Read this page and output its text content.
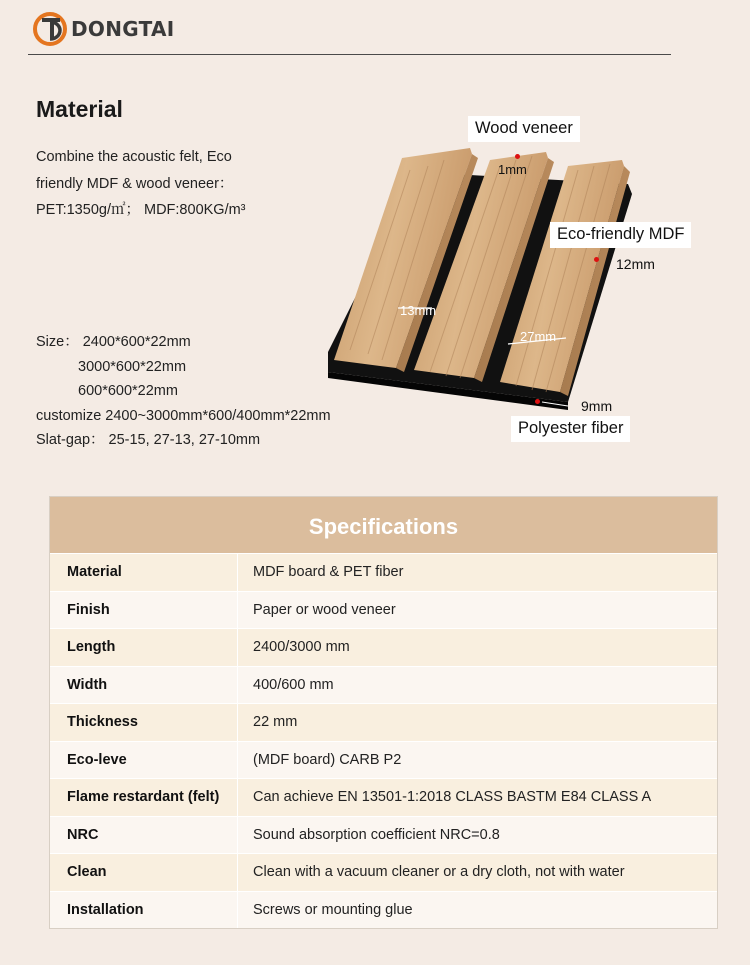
DONGTAI
Material
Combine the acoustic felt, Eco
friendly MDF & wood veneer：
PET:1350g/㎡； MDF:800KG/m³
Size： 2400*600*22mm
3000*600*22mm
600*600*22mm
customize 2400~3000mm*600/400mm*22mm
Slat-gap： 25-15, 27-13, 27-10mm
Wood veneer
1mm
Eco-friendly MDF
12mm
13mm
27mm
9mm
Polyester fiber
Specifications
Material	MDF board & PET fiber
Finish	Paper or wood veneer
Length	2400/3000 mm
Width	400/600 mm
Thickness	22 mm
Eco-leve	(MDF board) CARB P2
Flame restardant (felt)	Can achieve EN 13501-1:2018 CLASS BASTM E84 CLASS A
NRC	Sound absorption coefficient NRC=0.8
Clean	Clean with a vacuum cleaner or a dry cloth, not with water
Installation	Screws or mounting glue
